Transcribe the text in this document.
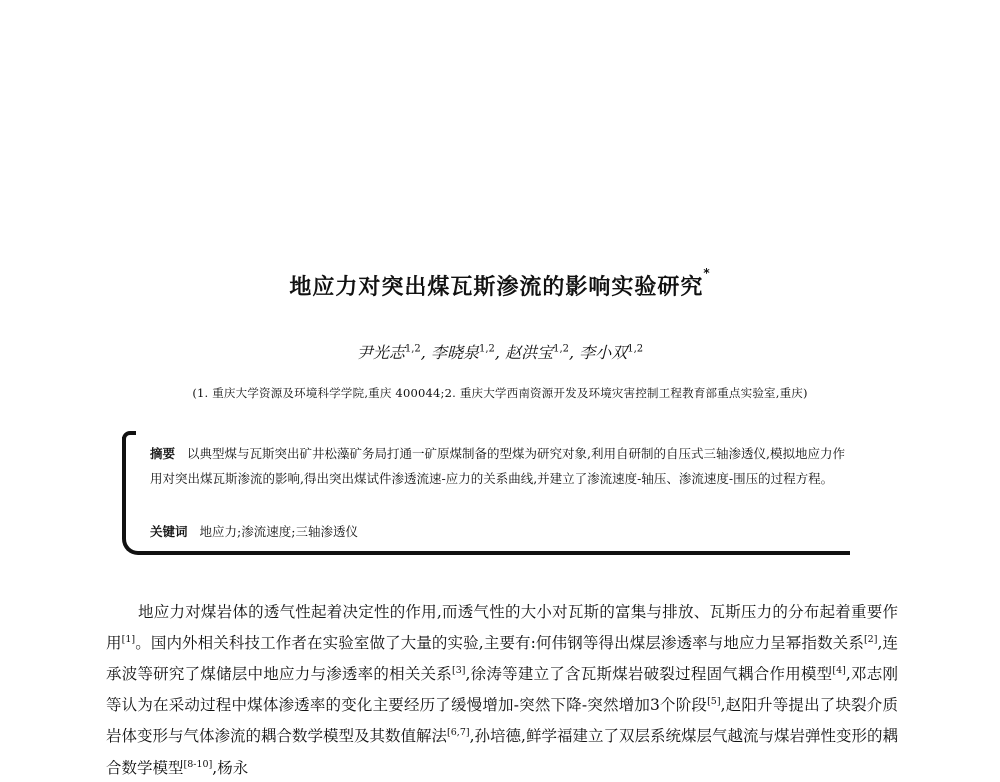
地应力对突出煤瓦斯渗流的影响实验研究*
尹光志$^{1,2}$, 李晓泉$^{1,2}$, 赵洪宝$^{1,2}$, 李小双$^{1,2}$
(1. 重庆大学资源及环境科学学院,重庆 400044;2. 重庆大学西南资源开发及环境灾害控制工程教育部重点实验室,重庆)
摘要 以典型煤与瓦斯突出矿井松藻矿务局打通一矿原煤制备的型煤为研究对象,利用自研制的自压式三轴渗透仪,模拟地应力作用对突出煤瓦斯渗流的影响,得出突出煤试件渗透流速-应力的关系曲线,并建立了渗流速度-轴压、渗流速度-围压的过程方程。
关键词 地应力;渗流速度;三轴渗透仪

地应力对煤岩体的透气性起着决定性的作用,而透气性的大小对瓦斯的富集与排放、瓦斯压力的分布起着重要作用[1]。国内外相关科技工作者在实验室做了大量的实验,主要有:何伟钢等得出煤层渗透率与地应力呈幂指数关系[2],连承波等研究了煤储层中地应力与渗透率的相关关系[3],徐涛等建立了含瓦斯煤岩破裂过程固气耦合作用模型[4],邓志刚等认为在采动过程中煤体渗透率的变化主要经历了缓慢增加-突然下降-突然增加3个阶段[5],赵阳升等提出了块裂介质岩体变形与气体渗流的耦合数学模型及其数值解法[6,7],孙培德,鲜学福建立了双层系统煤层气越流与煤岩弹性变形的耦合数学模型[8-10],杨永
